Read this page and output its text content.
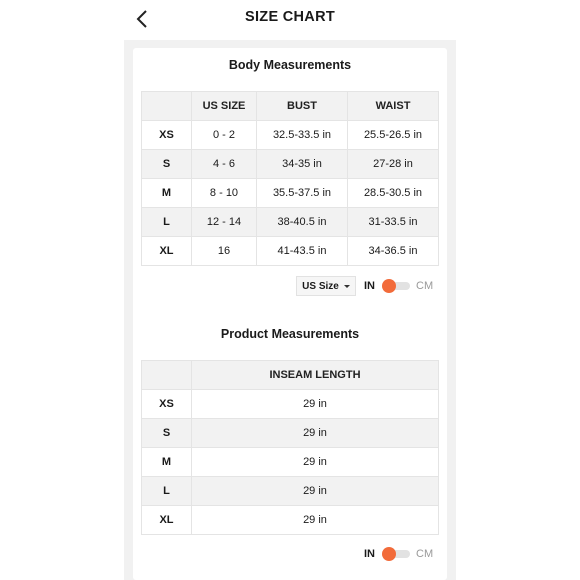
SIZE CHART
Body Measurements
	US SIZE	BUST	WAIST
XS	0 - 2	32.5-33.5 in	25.5-26.5 in
S	4 - 6	34-35 in	27-28 in
M	8 - 10	35.5-37.5 in	28.5-30.5 in
L	12 - 14	38-40.5 in	31-33.5 in
XL	16	41-43.5 in	34-36.5 in
US Size IN	CM
Product Measurements
	INSEAM LENGTH
XS	29 in
S	29 in
M	29 in
L	29 in
XL	29 in
IN	CM
